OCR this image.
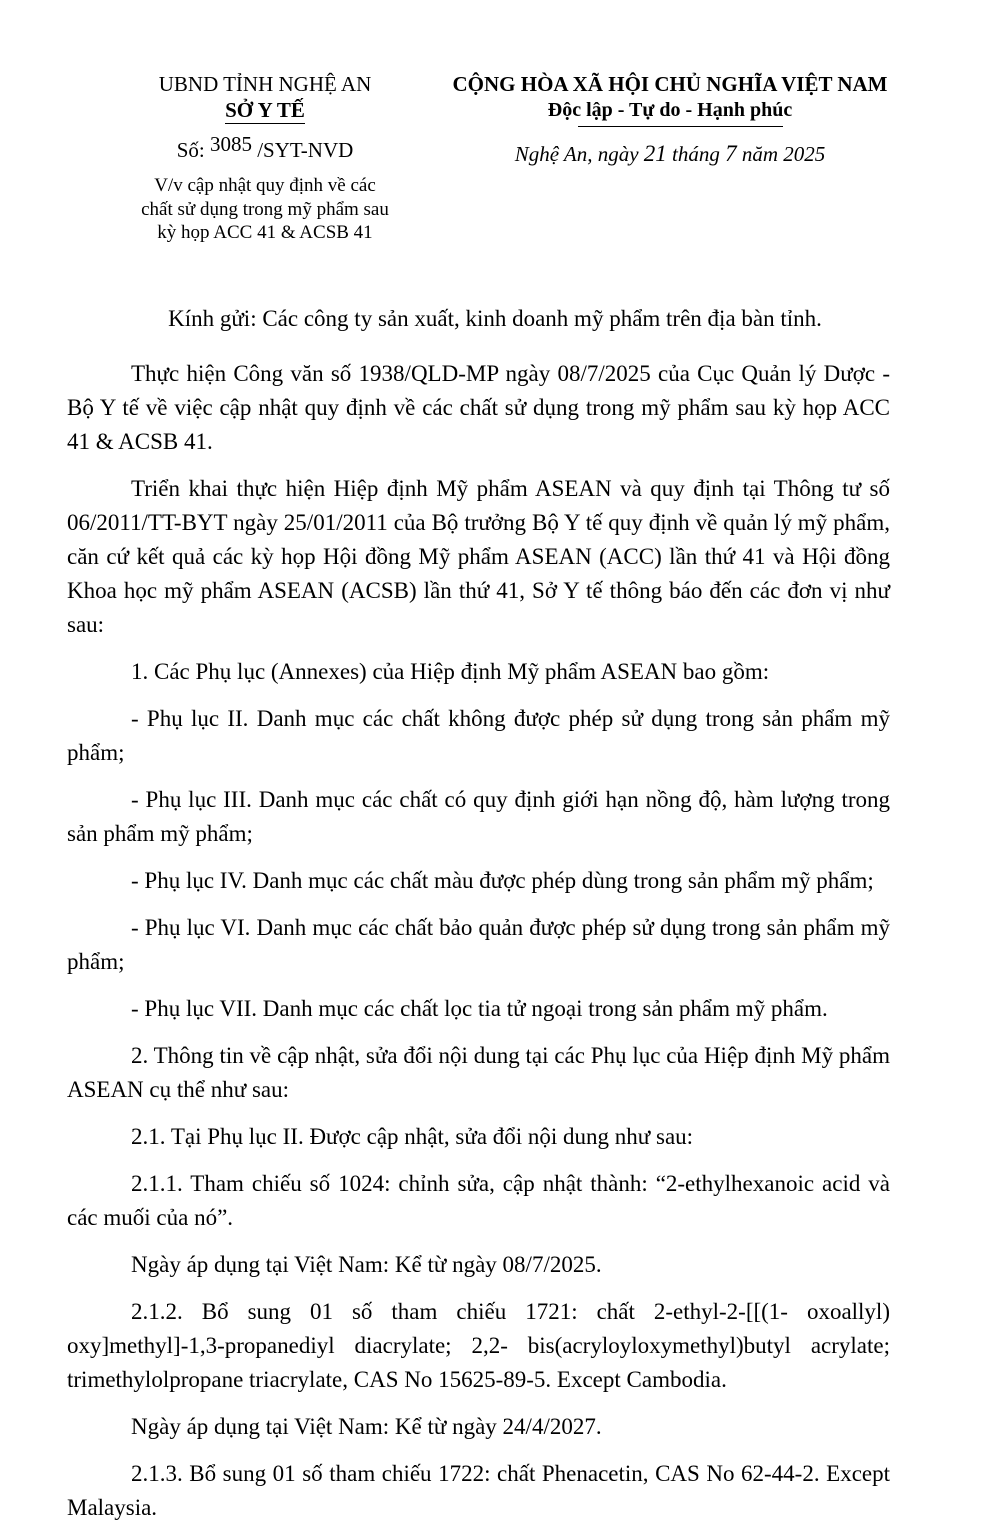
UBND TỈNH NGHỆ AN
SỞ Y TẾ
Số: 3085 /SYT-NVD
V/v cập nhật quy định về các
chất sử dụng trong mỹ phẩm sau
kỳ họp ACC 41 & ACSB 41
CỘNG HÒA XÃ HỘI CHỦ NGHĨA VIỆT NAM
Độc lập - Tự do - Hạnh phúc
Nghệ An, ngày 21 tháng 7 năm 2025
Kính gửi: Các công ty sản xuất, kinh doanh mỹ phẩm trên địa bàn tỉnh.

Thực hiện Công văn số 1938/QLD-MP ngày 08/7/2025 của Cục Quản lý Dược - Bộ Y tế về việc cập nhật quy định về các chất sử dụng trong mỹ phẩm sau kỳ họp ACC 41 & ACSB 41.

Triển khai thực hiện Hiệp định Mỹ phẩm ASEAN và quy định tại Thông tư số 06/2011/TT-BYT ngày 25/01/2011 của Bộ trưởng Bộ Y tế quy định về quản lý mỹ phẩm, căn cứ kết quả các kỳ họp Hội đồng Mỹ phẩm ASEAN (ACC) lần thứ 41 và Hội đồng Khoa học mỹ phẩm ASEAN (ACSB) lần thứ 41, Sở Y tế thông báo đến các đơn vị như sau:

1. Các Phụ lục (Annexes) của Hiệp định Mỹ phẩm ASEAN bao gồm:

- Phụ lục II. Danh mục các chất không được phép sử dụng trong sản phẩm mỹ phẩm;

- Phụ lục III. Danh mục các chất có quy định giới hạn nồng độ, hàm lượng trong sản phẩm mỹ phẩm;

- Phụ lục IV. Danh mục các chất màu được phép dùng trong sản phẩm mỹ phẩm;

- Phụ lục VI. Danh mục các chất bảo quản được phép sử dụng trong sản phẩm mỹ phẩm;

- Phụ lục VII. Danh mục các chất lọc tia tử ngoại trong sản phẩm mỹ phẩm.

2. Thông tin về cập nhật, sửa đổi nội dung tại các Phụ lục của Hiệp định Mỹ phẩm ASEAN cụ thể như sau:

2.1. Tại Phụ lục II. Được cập nhật, sửa đổi nội dung như sau:

2.1.1. Tham chiếu số 1024: chỉnh sửa, cập nhật thành: “2-ethylhexanoic acid và các muối của nó”.

Ngày áp dụng tại Việt Nam: Kể từ ngày 08/7/2025.

2.1.2. Bổ sung 01 số tham chiếu 1721: chất 2-ethyl-2-[[(1- oxoallyl) oxy]methyl]-1,3-propanediyl diacrylate; 2,2- bis(acryloyloxymethyl)butyl acrylate; trimethylolpropane triacrylate, CAS No 15625-89-5. Except Cambodia.

Ngày áp dụng tại Việt Nam: Kể từ ngày 24/4/2027.

2.1.3. Bổ sung 01 số tham chiếu 1722: chất Phenacetin, CAS No 62-44-2. Except Malaysia.
